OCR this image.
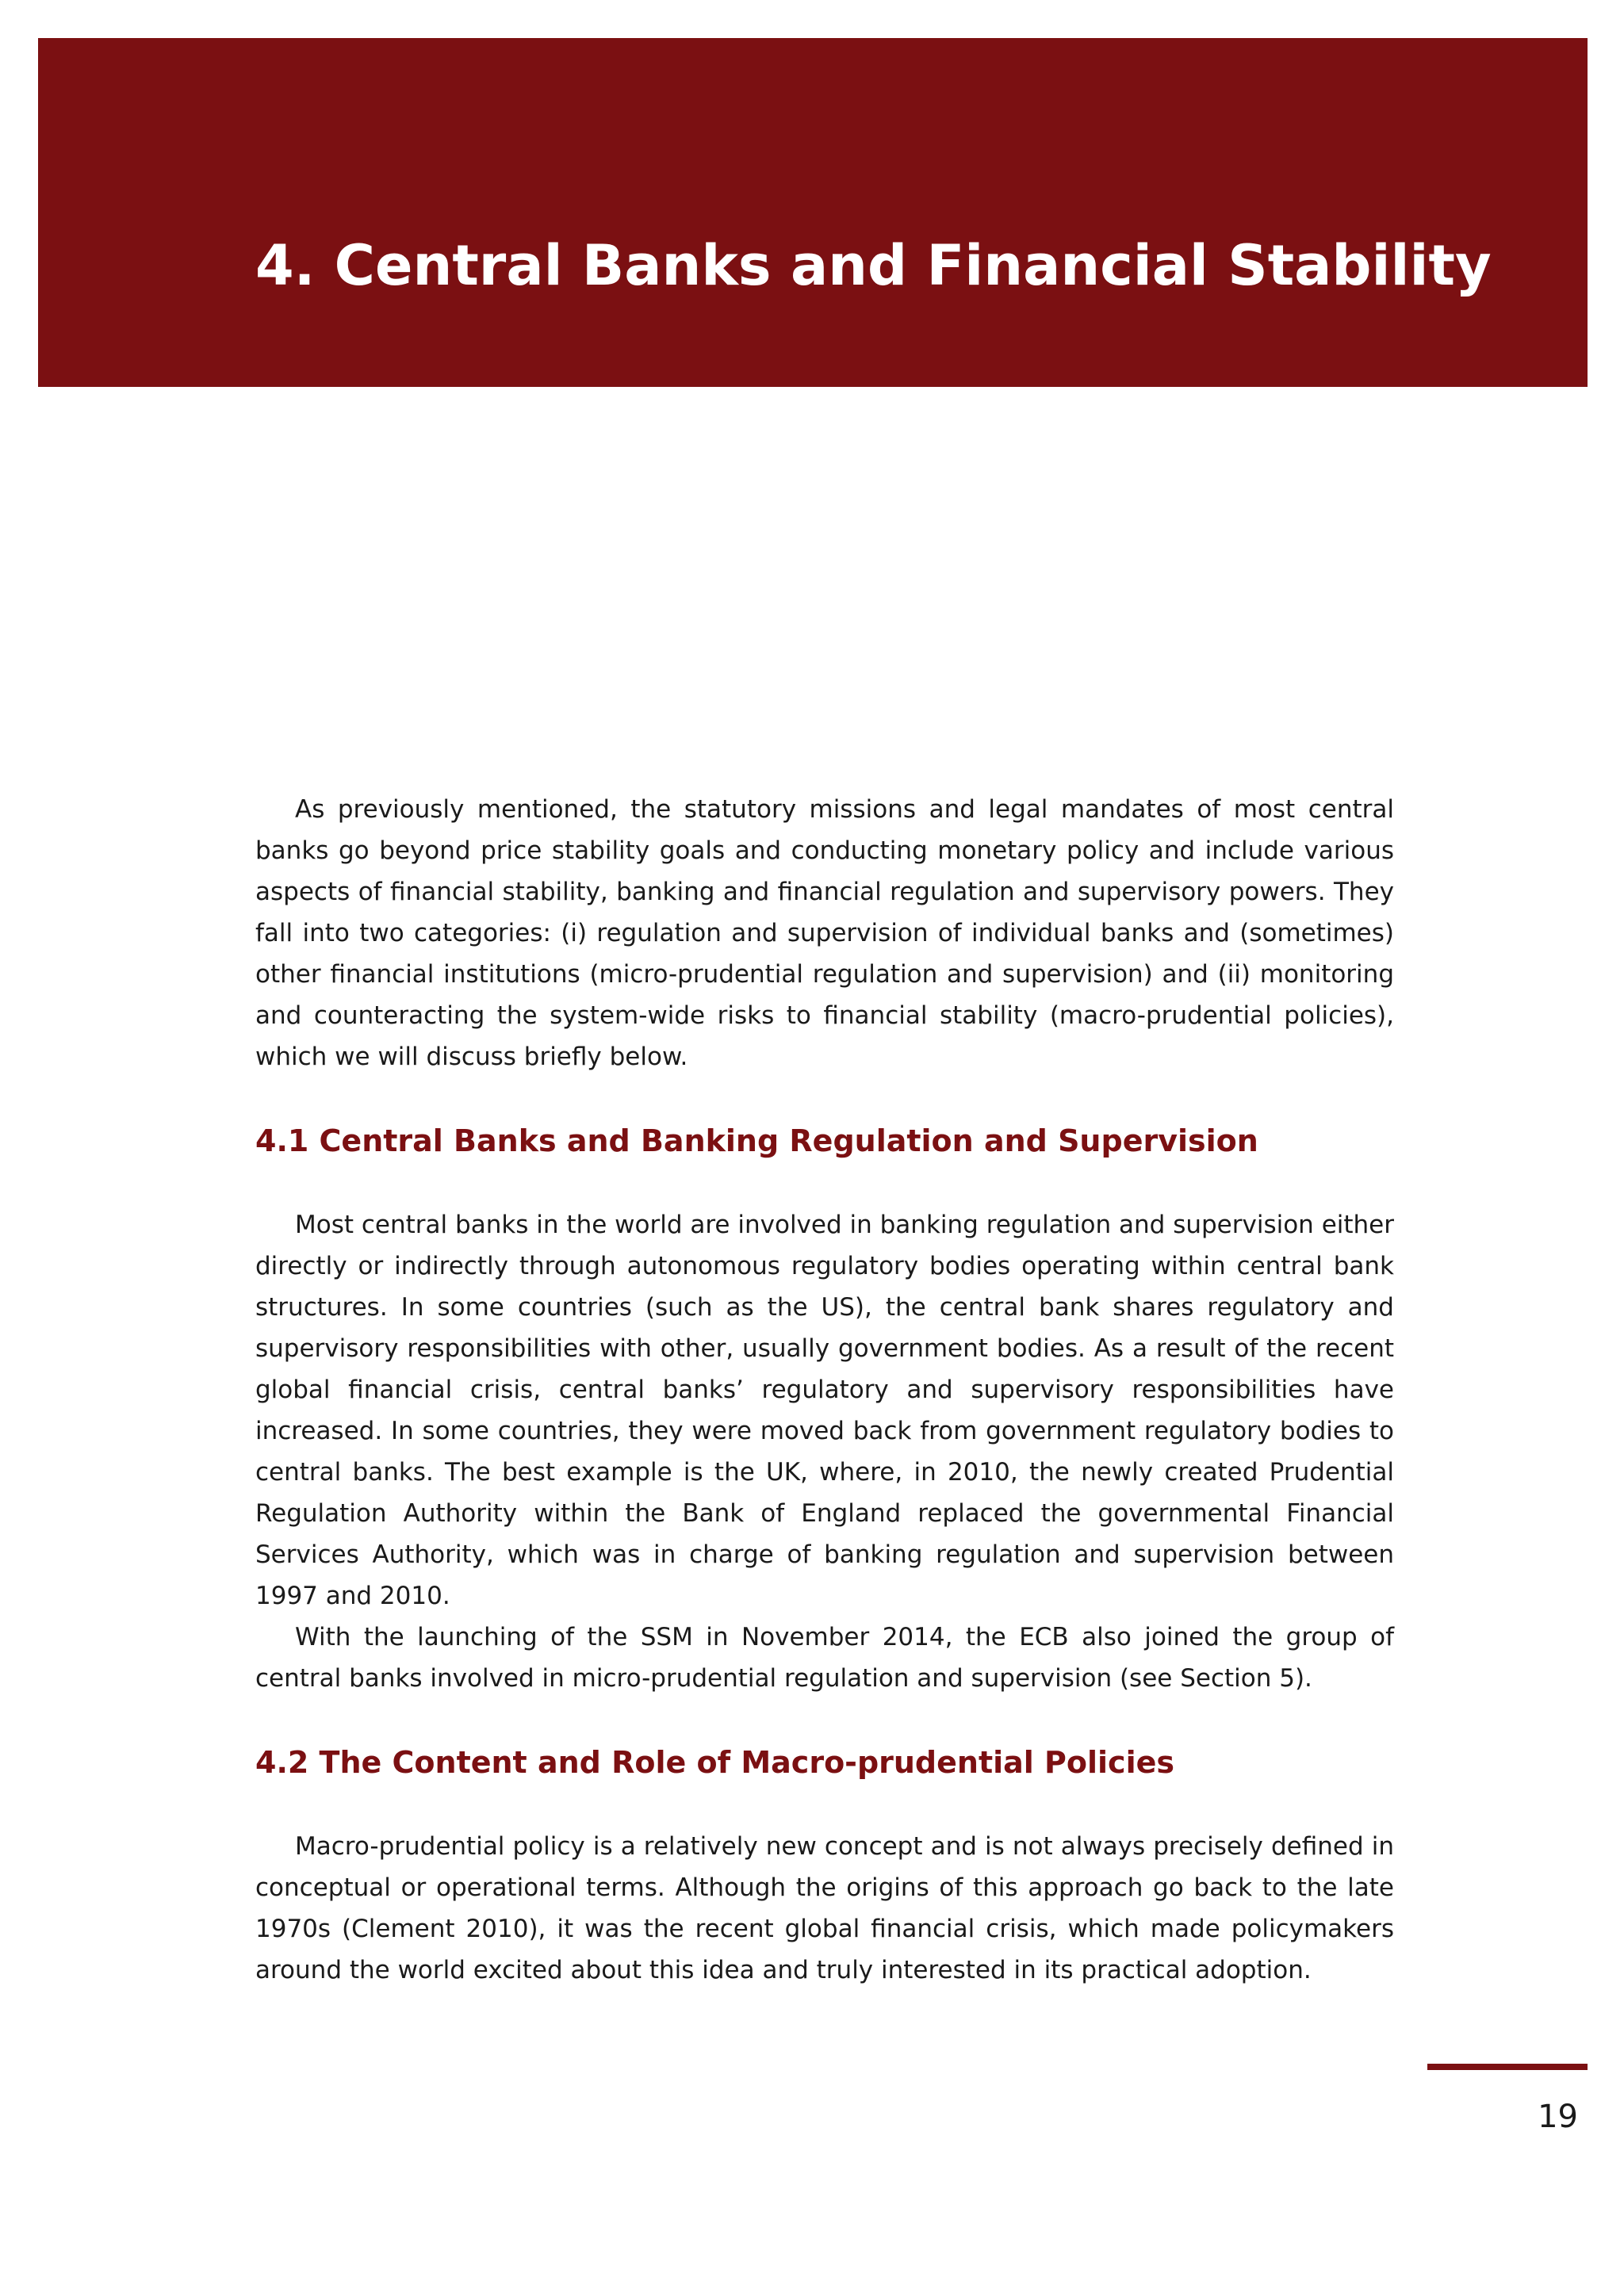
4. Central Banks and Financial Stability

As previously mentioned, the statutory missions and legal mandates of most central banks go beyond price stability goals and conducting monetary policy and include various aspects of financial stability, banking and financial regulation and supervisory powers. They fall into two categories: (i) regulation and supervision of individual banks and (sometimes) other financial institutions (micro-prudential regulation and supervision) and (ii) monitoring and counteracting the system-wide risks to financial stability (macro-prudential policies), which we will discuss briefly below.

4.1 Central Banks and Banking Regulation and Supervision

Most central banks in the world are involved in banking regulation and supervision either directly or indirectly through autonomous regulatory bodies operating within central bank structures. In some countries (such as the US), the central bank shares regulatory and supervisory responsibilities with other, usually government bodies. As a result of the recent global financial crisis, central banks’ regulatory and supervisory responsibilities have increased. In some countries, they were moved back from government regulatory bodies to central banks. The best example is the UK, where, in 2010, the newly created Prudential Regulation Authority within the Bank of England replaced the governmental Financial Services Authority, which was in charge of banking regulation and supervision between 1997 and 2010.

With the launching of the SSM in November 2014, the ECB also joined the group of central banks involved in micro-prudential regulation and supervision (see Section 5).

4.2 The Content and Role of Macro-prudential Policies

Macro-prudential policy is a relatively new concept and is not always precisely defined in conceptual or operational terms. Although the origins of this approach go back to the late 1970s (Clement 2010), it was the recent global financial crisis, which made policymakers around the world excited about this idea and truly interested in its practical adoption.

19
